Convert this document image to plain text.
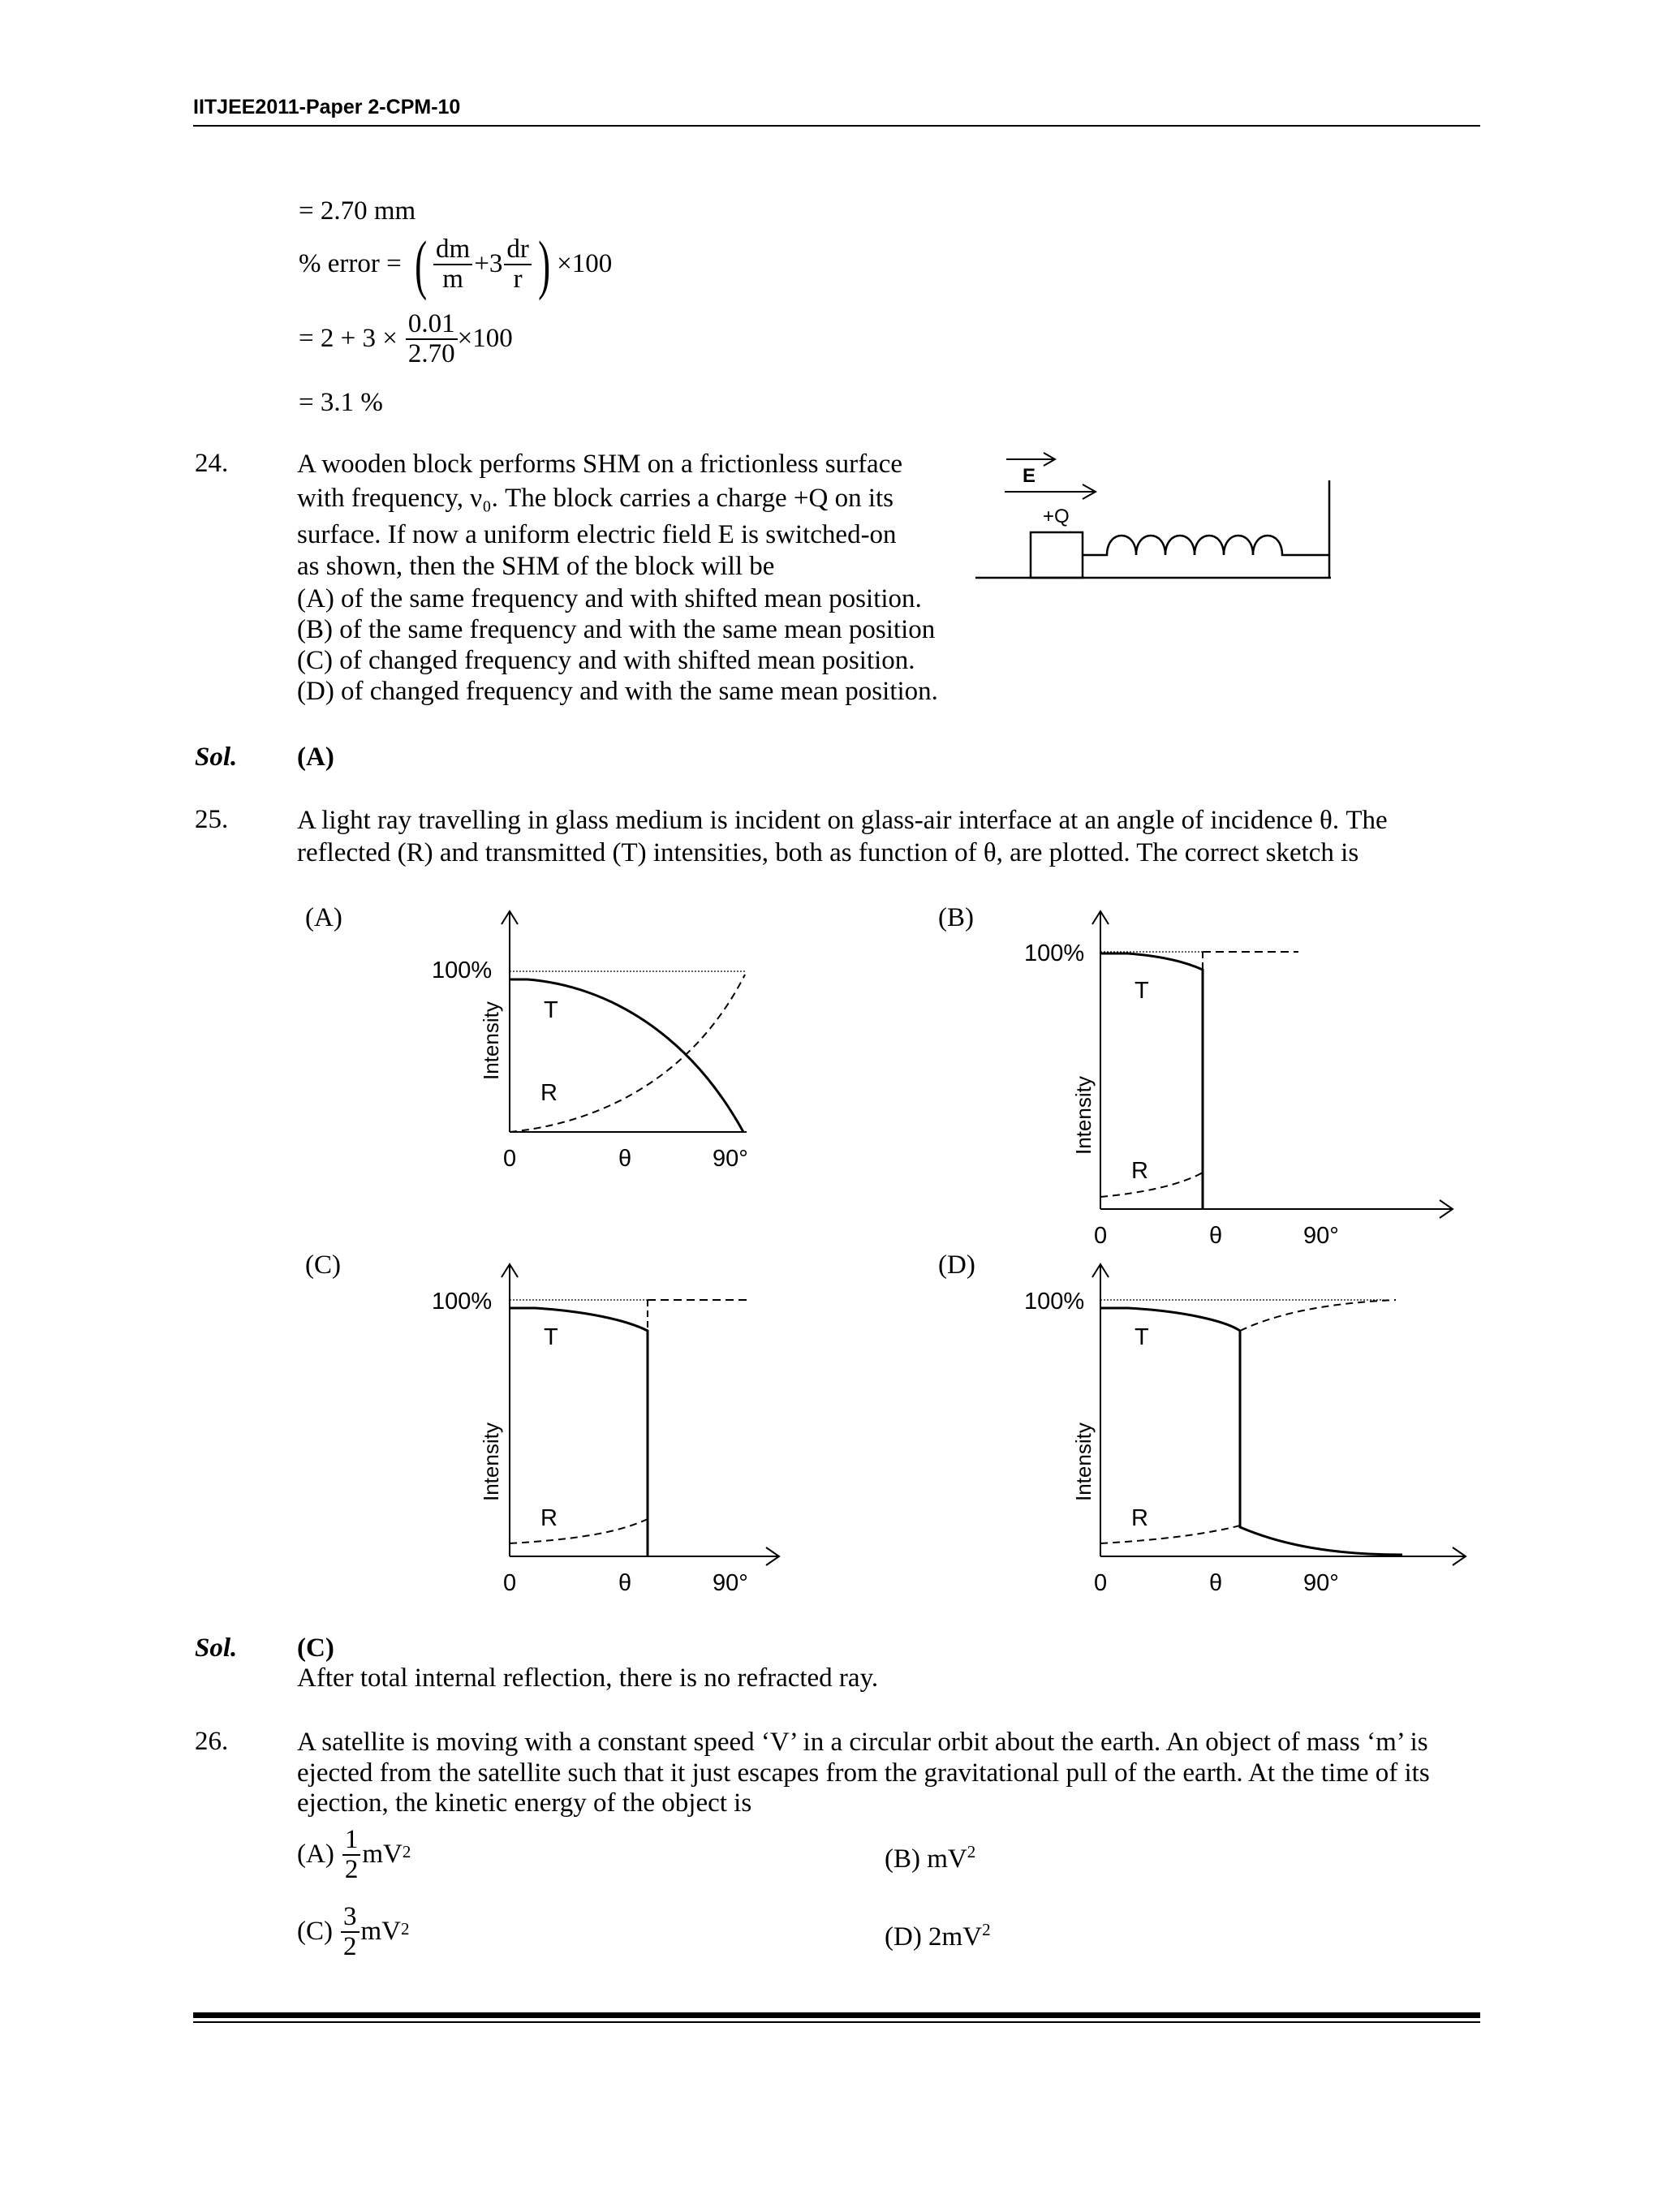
IITJEE2011-Paper 2-CPM-10
= 2.70 mm
% error = ( $\frac{dm}{m} +3 \frac{dr}{r}$ ) ×100
= $2 + 3 \times \frac{0.01}{2.70} \times 100$
= 3.1 %
24.	A wooden block performs SHM on a frictionless surface
with frequency, ν₀. The block carries a charge +Q on its
surface. If now a uniform electric field E is switched-on
as shown, then the SHM of the block will be
(A) of the same frequency and with shifted mean position.
(B) of the same frequency and with the same mean position
(C) of changed frequency and with shifted mean position.
(D) of changed frequency and with the same mean position.
E
+Q
Sol. (A)
25.	A light ray travelling in glass medium is incident on glass-air interface at an angle of incidence θ. The
reflected (R) and transmitted (T) intensities, both as function of θ, are plotted. The correct sketch is
(A)	(B)
(C)	(D)
100%
Intensity T
R
0	θ	90°
100%
Intensity
T
R
0	θ	90°
100%
Intensity
T
R
0	θ	90°
100%
Intensity
T
R
0	θ	90°
Sol. (C)
After total internal reflection, there is no refracted ray.
26.	A satellite is moving with a constant speed ‘V’ in a circular orbit about the earth. An object of mass ‘m’ is
ejected from the satellite such that it just escapes from the gravitational pull of the earth. At the time of its
ejection, the kinetic energy of the object is
$(A) \frac{1}{2}$ mV 2	(B) $mV^2$
$(C) \frac{3}{2}$ mV 2	(D) $2mV^2$
